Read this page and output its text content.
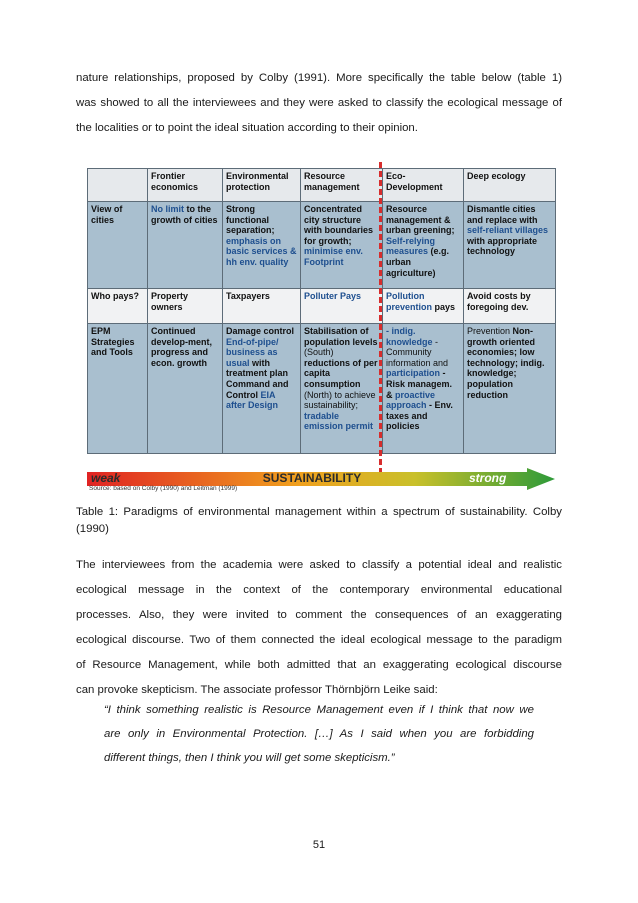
nature relationships, proposed by Colby (1991). More specifically the table below (table 1)
was showed to all the interviewees and they were asked to classify the ecological message of
the localities or to point the ideal situation according to their opinion.
	Frontier economics	Environmental protection	Resource management	Eco-Development	Deep ecology
View of cities	No limit to the growth of cities	Strong functional separation; emphasis on basic services & hh env. quality	Concentrated city structure with boundaries for growth; minimise env. Footprint	Resource management & urban greening; Self-relying measures (e.g. urban agriculture)	Dismantle cities and replace with self-reliant villages with appropriate technology
Who pays?	Property owners	Taxpayers	Polluter Pays	Pollution prevention pays	Avoid costs by foregoing dev.
EPM Strategies and Tools	Continued develop-ment, progress and econ. growth	Damage control End-of-pipe/ business as usual with treatment plan Command and Control EIA after Design	Stabilisation of population levels (South) reductions of per capita consumption (North) to achieve sustainability; tradable emission permit	- indig. knowledge -Community information and participation -Risk managem. & proactive approach - Env. taxes and policies	Prevention Non-growth oriented economies; low technology; indig. knowledge; population reduction
weak	SUSTAINABILITY	strong
Source: based on Colby (1990) and Leitman (1999)
Table 1: Paradigms of environmental management within a spectrum of sustainability. Colby
(1990)
The interviewees from the academia were asked to classify a potential ideal and realistic
ecological message in the context of the contemporary environmental educational
processes. Also, they were invited to comment the consequences of an exaggerating
ecological discourse. Two of them connected the ideal ecological message to the paradigm
of Resource Management, while both admitted that an exaggerating ecological discourse
can provoke skepticism. The associate professor Thörnbjörn Leike said:
“I think something realistic is Resource Management even if I think that now we
are only in Environmental Protection. […] As I said when you are forbidding
different things, then I think you will get some skepticism.”
51
